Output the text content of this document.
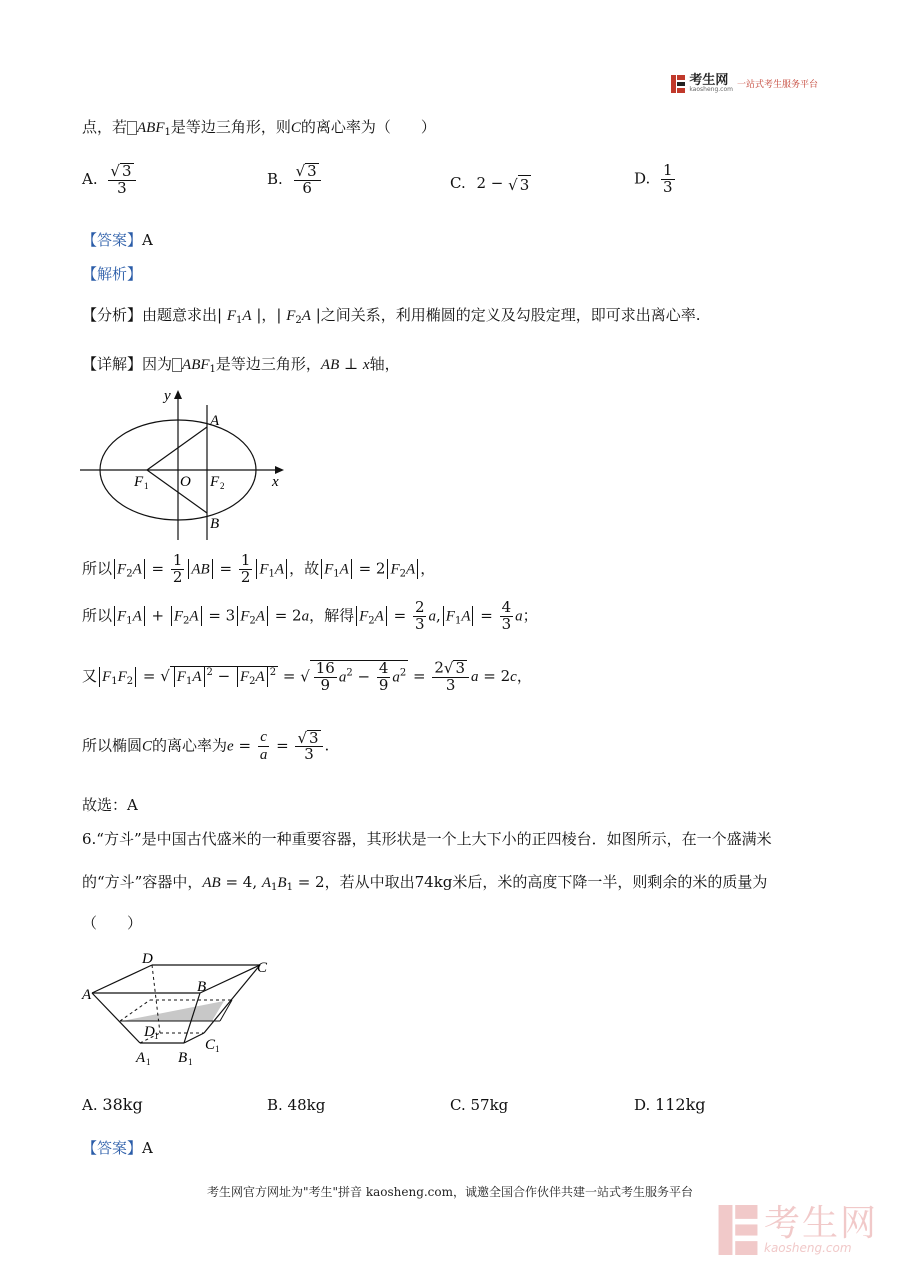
考生网
kaosheng.com 一站式考生服务平台
点，若 $ABF_1$是等边三角形，则C的离心率为（　　）
A. $\frac{√ 3}{3}$	B. $\frac{√ 3}{6}$	C. 2 − √ 3	D. $\frac{1}{3}$
【答案】A
【解析】
【分析】由题意求出| $F_1A$ |，| $F_2A$ |之间关系，利用椭圆的定义及勾股定理，即可求出离心率.
【详解】因为 $ABF_1$是等边三角形，AB ⊥ x轴，
y
A
B
O
F 1	F 2	x
所以 $F_2A = \frac{1}{2}$ AB = $\frac{1}{2} F_1A$ ，故 $F_1A = 2$ $F_2A$ ，
所以 $F_1A + F_2A = 3$ $F_2A = 2a$，解得 $F_2A = \frac{2}{3} a$, $F_1A = \frac{4}{3}$ a；
又 $F_1F_2$ = √ $F_1A$ $^2 - F_2A$ $^2$ = √ $\frac{16}{9} a^2 - \frac{4}{9} a^2 = \frac{2√ 3}{3}$ a = 2c，
所以椭圆C的离心率为$e = \frac{c}{a} = \frac{√ 3}{3}$ .
故选：A
6.“方斗”是中国古代盛米的一种重要容器，其形状是一个上大下小的正四棱台．如图所示，在一个盛满米
的“方斗”容器中，AB = 4, $A_1B_1 = 2$，若从中取出74kg米后，米的高度下降一半，则剩余的米的质量为
（　　）
D
C
B
A
D 1
C 1
A 1 B 1
A. 38kg	B. 48kg	C. 57kg	D. 112kg
【答案】A
考生网官方网址为"考生"拼音 kaosheng.com，诚邀全国合作伙伴共建一站式考生服务平台
考生网
kaosheng.com
